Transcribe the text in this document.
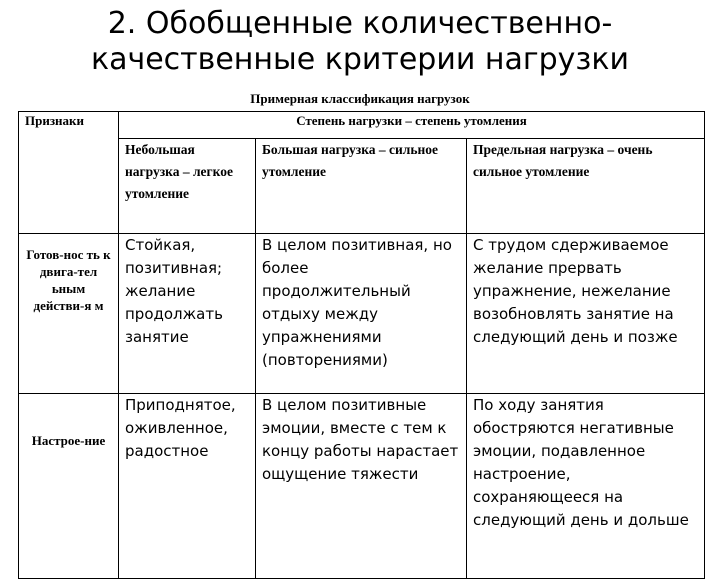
2. Обобщенные количественно-качественные критерии нагрузки
Примерная классификация нагрузок
Признаки	Степень нагрузки – степень утомления		
	Небольшая нагрузка – легкое утомление	Большая нагрузка – сильное утомление	Предельная нагрузка – очень сильное утомление
Готов-нос ть к двига-тел ьным действи-я м	Стойкая, позитивная; желание продолжать занятие	В целом позитивная, но более продолжительный отдыху между упражнениями (повторениями)	С трудом сдерживаемое желание прервать упражнение, нежелание возобновлять занятие на следующий день и позже
Настрое-ние	Приподнятое, оживленное, радостное	В целом позитивные эмоции, вместе с тем к концу работы нарастает ощущение тяжести	По ходу занятия обостряются негативные эмоции, подавленное настроение, сохраняющееся на следующий день и дольше
